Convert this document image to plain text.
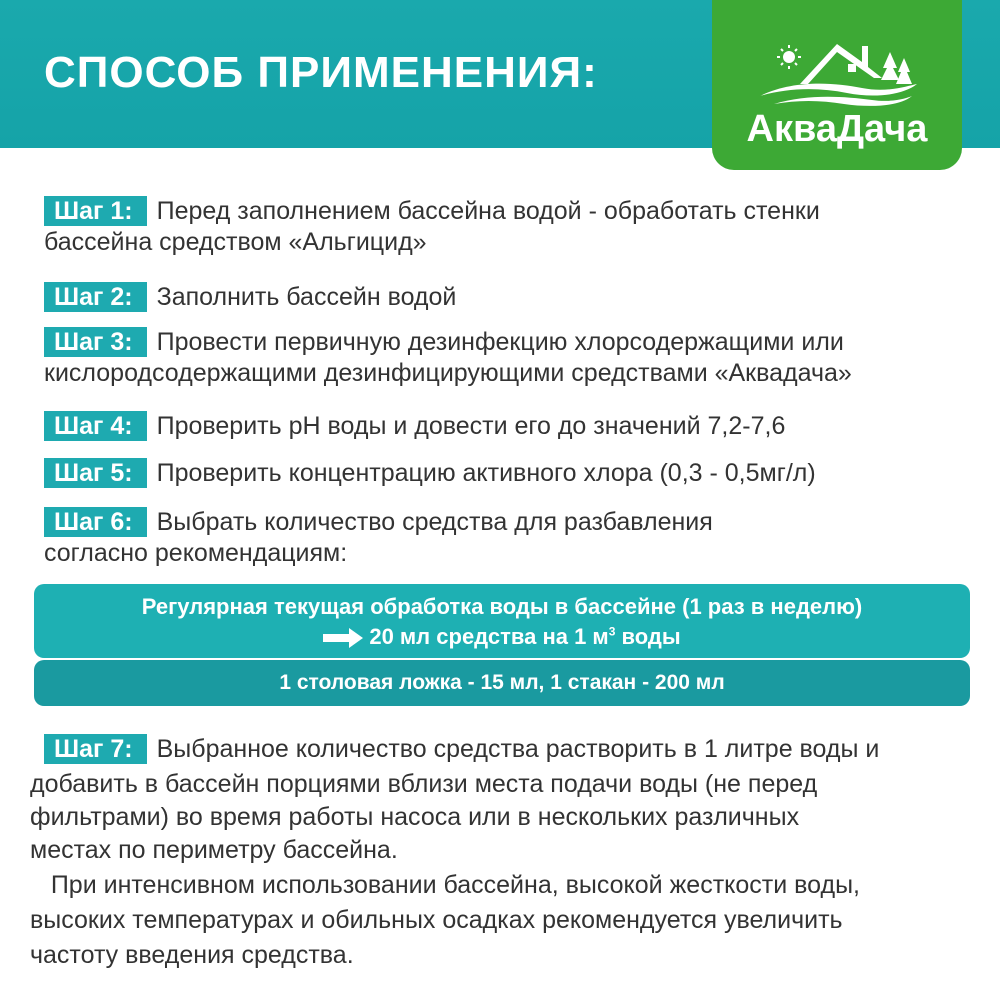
СПОСОБ ПРИМЕНЕНИЯ:
АкваДача
Шаг 1: Перед заполнением бассейна водой - обработать стенки
бассейна средством «Альгицид»
Шаг 2: Заполнить бассейн водой
Шаг 3: Провести первичную дезинфекцию хлорсодержащими или
кислородсодержащими дезинфицирующими средствами «Аквадача»
Шаг 4: Проверить рН воды и довести его до значений 7,2-7,6
Шаг 5: Проверить концентрацию активного хлора (0,3 - 0,5мг/л)
Шаг 6: Выбрать количество средства для разбавления
согласно рекомендациям:
Регулярная текущая обработка воды в бассейне (1 раз в неделю)
20 мл средства на 1 $м^3$ воды
1 столовая ложка - 15 мл, 1 стакан - 200 мл
Шаг 7: Выбранное количество средства растворить в 1 литре воды и
добавить в бассейн порциями вблизи места подачи воды (не перед
фильтрами) во время работы насоса или в нескольких различных
местах по периметру бассейна.
При интенсивном использовании бассейна, высокой жесткости воды,
высоких температурах и обильных осадках рекомендуется увеличить
частоту введения средства.
